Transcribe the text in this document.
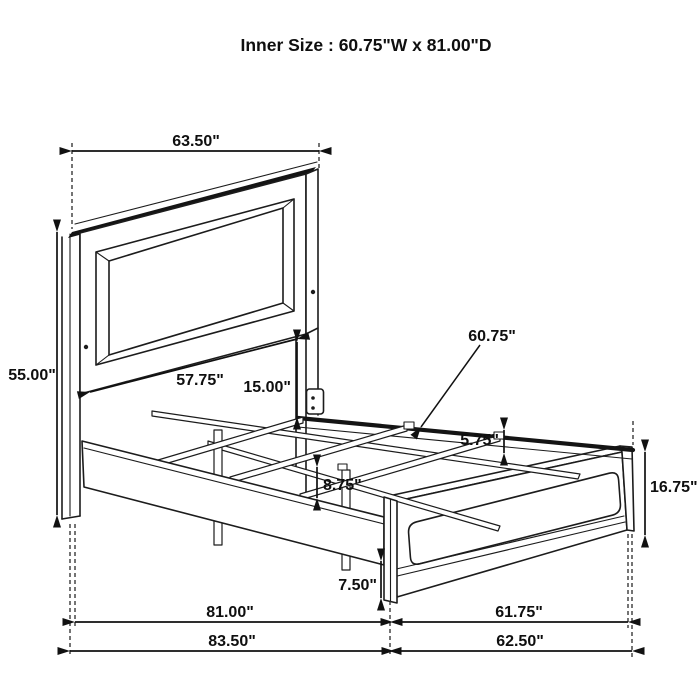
Inner Size : 60.75"W x 81.00"D
63.50"
55.00"	57.75" 15.00"
60.75"
5.75"
8.75"	16.75"
7.50"
81.00"	61.75"
83.50"	62.50"
